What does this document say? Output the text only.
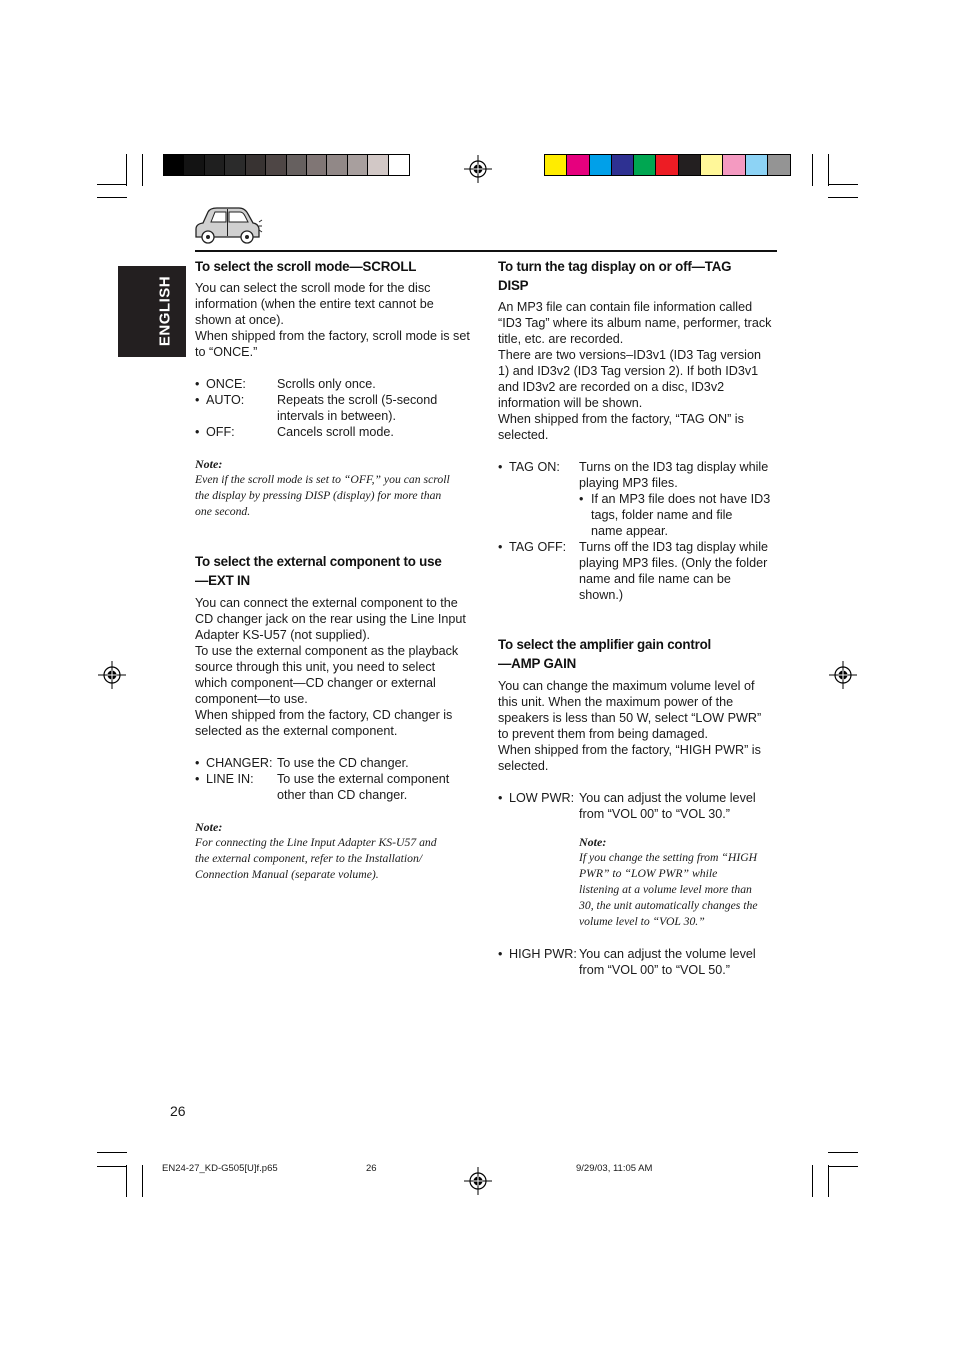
ENGLISH
To select the scroll mode—SCROLL

You can select the scroll mode for the disc

information (when the entire text cannot be

shown at once).

When shipped from the factory, scroll mode is set

to “ONCE.”

• ONCE:	Scrolls only once.
• AUTO:	Repeats the scroll (5-second
intervals in between).
• OFF:	Cancels scroll mode.
Note:
Even if the scroll mode is set to “OFF,” you can scroll
the display by pressing DISP (display) for more than
one second.
To select the external component to use
—EXT IN

You can connect the external component to the

CD changer jack on the rear using the Line Input

Adapter KS-U57 (not supplied).

To use the external component as the playback

source through this unit, you need to select

which component—CD changer or external

component—to use.

When shipped from the factory, CD changer is

selected as the external component.

• CHANGER: To use the CD changer.
• LINE IN:	To use the external component
other than CD changer.
Note:
For connecting the Line Input Adapter KS-U57 and
the external component, refer to the Installation/
Connection Manual (separate volume).
To turn the tag display on or off—TAG DISP

An MP3 file can contain file information called

“ID3 Tag” where its album name, performer, track

title, etc. are recorded.

There are two versions–ID3v1 (ID3 Tag version

1) and ID3v2 (ID3 Tag version 2). If both ID3v1

and ID3v2 are recorded on a disc, ID3v2

information will be shown.

When shipped from the factory, “TAG ON” is

selected.

• TAG ON:	Turns on the ID3 tag display while
playing MP3 files.
• If an MP3 file does not have ID3
tags, folder name and file
name appear.
• TAG OFF:	Turns off the ID3 tag display while
playing MP3 files. (Only the folder
name and file name can be
shown.)
To select the amplifier gain control
—AMP GAIN

You can change the maximum volume level of

this unit. When the maximum power of the

speakers is less than 50 W, select “LOW PWR”

to prevent them from being damaged.

When shipped from the factory, “HIGH PWR” is

selected.

• LOW PWR: You can adjust the volume level
from “VOL 00” to “VOL 30.”
Note:
If you change the setting from “HIGH
PWR” to “LOW PWR” while
listening at a volume level more than
30, the unit automatically changes the
volume level to “VOL 30.”
• HIGH PWR: You can adjust the volume level
from “VOL 00” to “VOL 50.”
26
EN24-27_KD-G505[U]f.p65	26	9/29/03, 11:05 AM
